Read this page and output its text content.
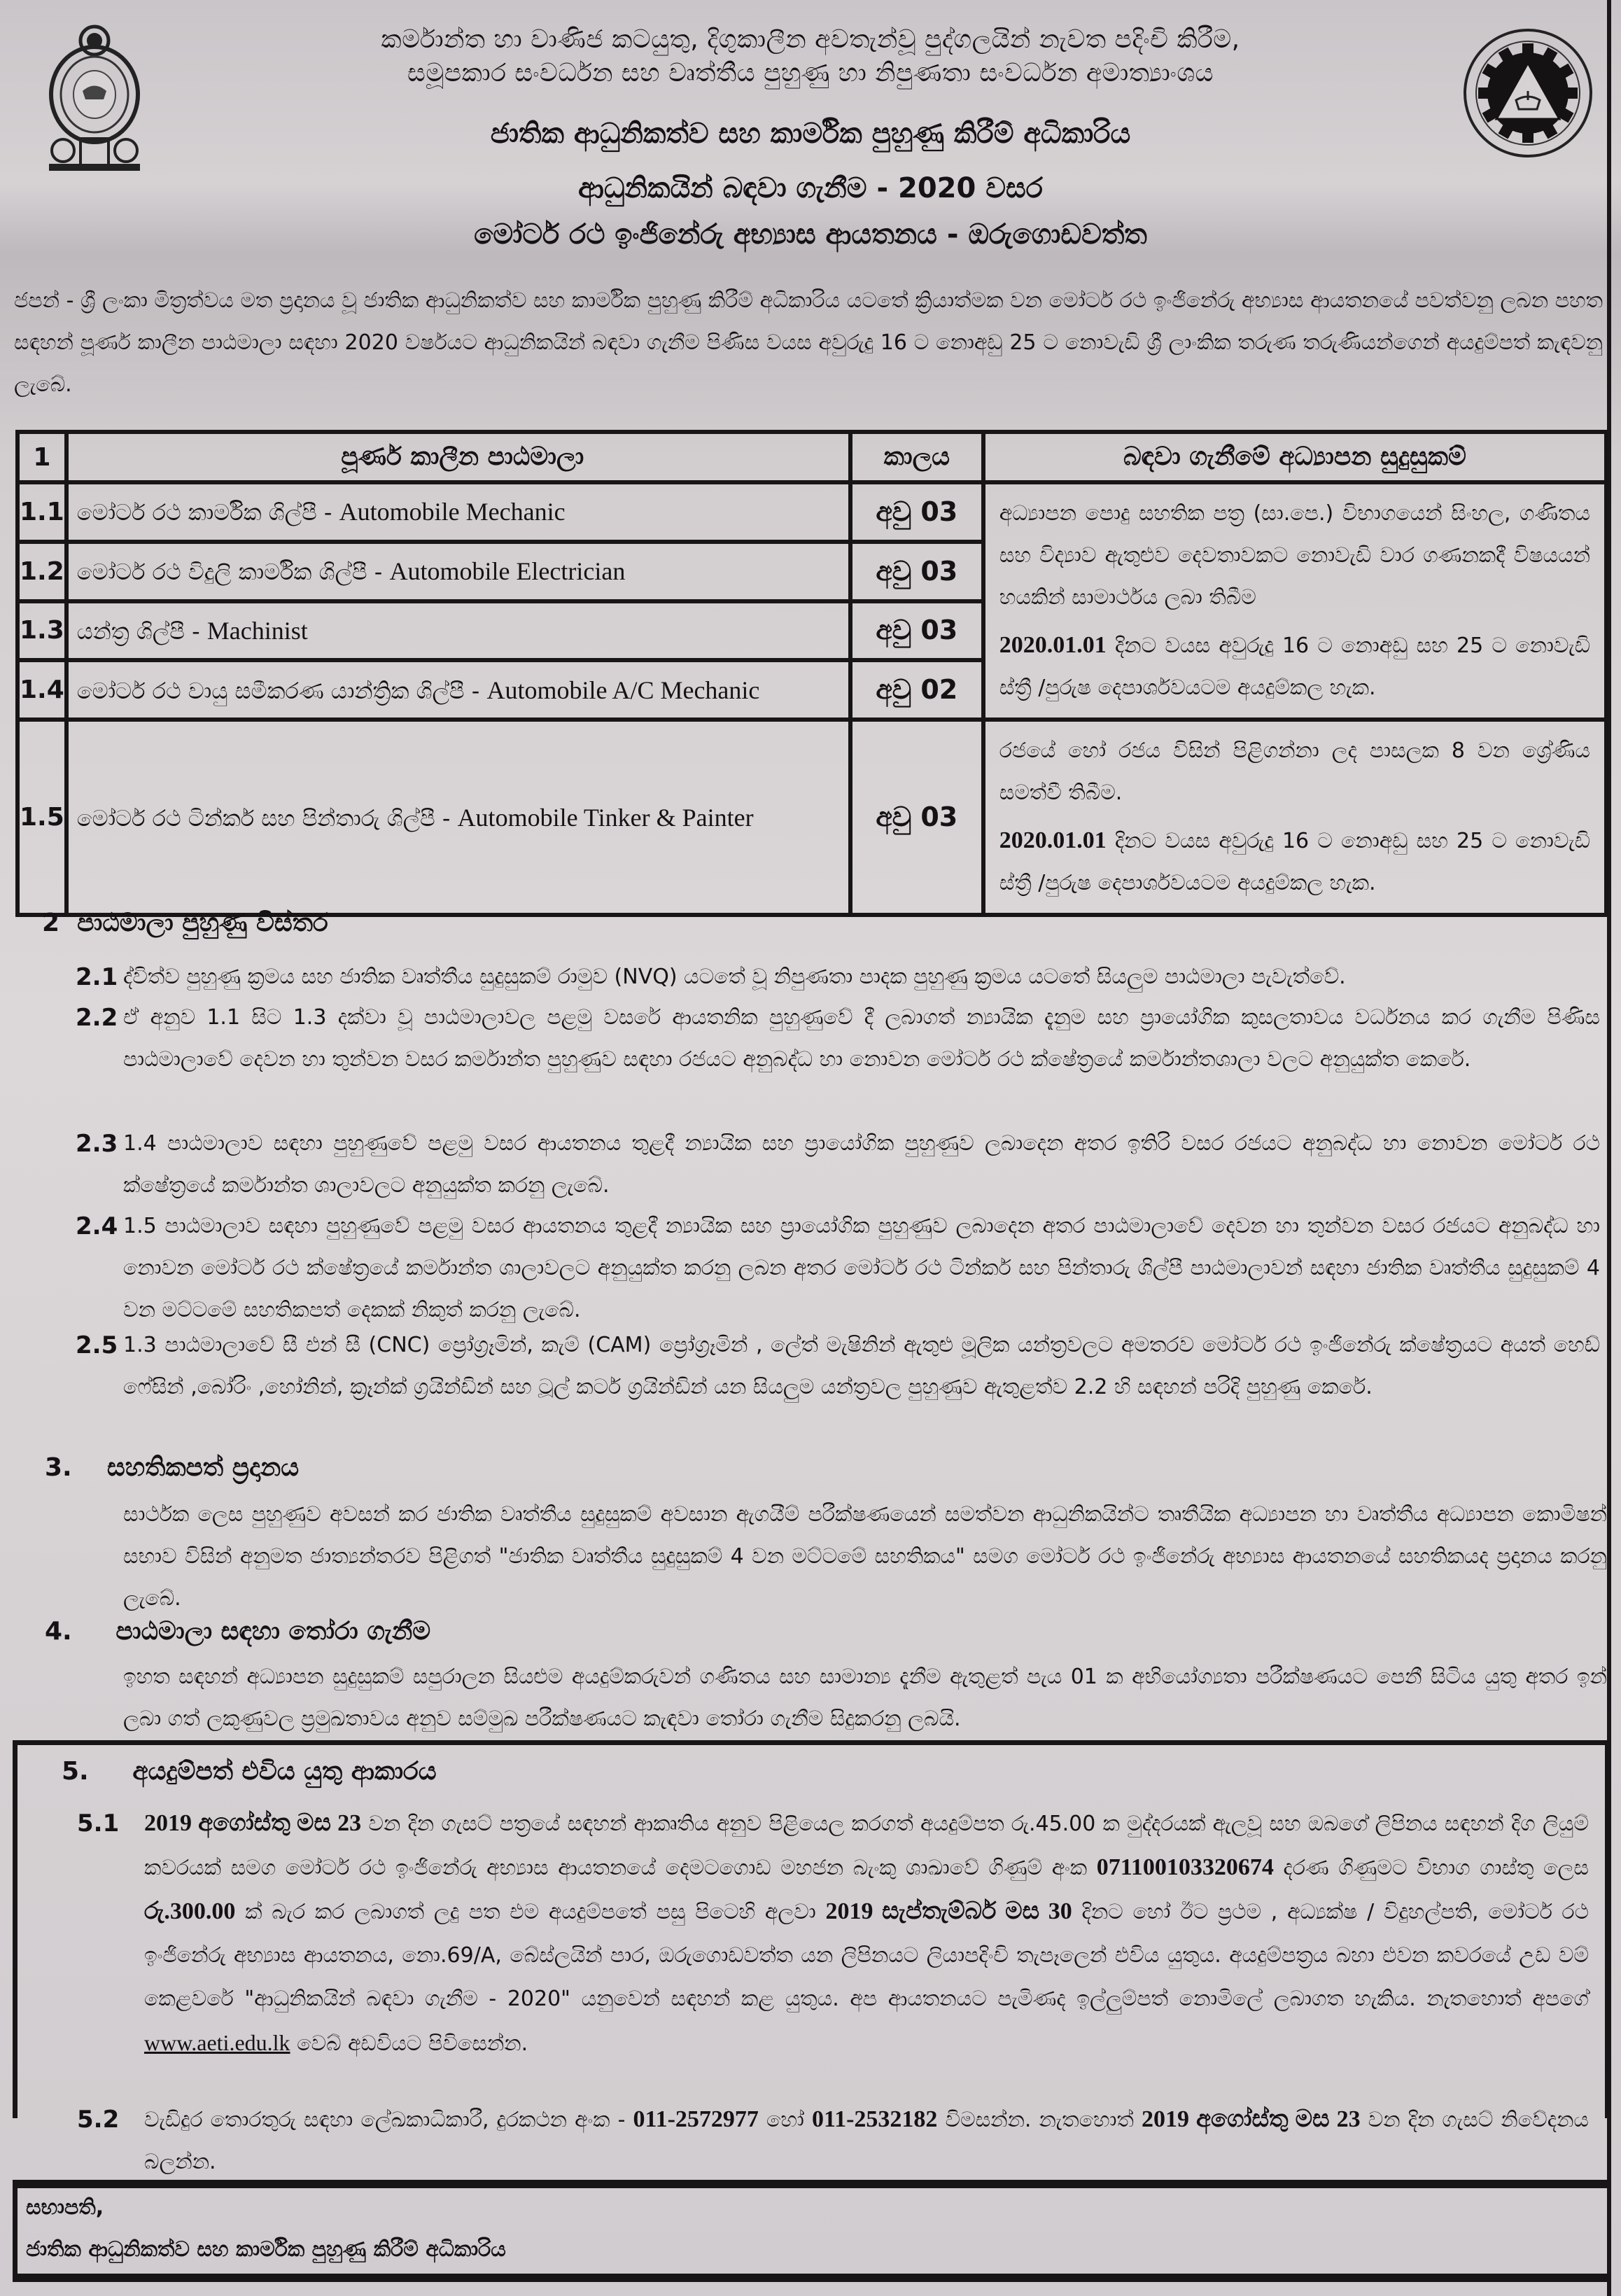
කර්මාන්ත හා වාණිජ කටයුතු, දිගුකාලීන අවතැන්වූ පුද්ගලයින් නැවත පදිංචි කිරීම,
සමූපකාර සංවර්ධන සහ වෘත්තීය පුහුණු හා නිපුණතා සංවර්ධන අමාත්‍යාංශය
ජාතික ආධුනිකත්ව සහ කාර්මික පුහුණු කිරීම් අධිකාරිය
ආධුනිකයින් බඳවා ගැනීම - 2020 වසර
මෝටර් රථ ඉංජිනේරු අභ්‍යාස ආයතනය - ඔරුගොඩවත්ත
ජපන් - ශ්‍රී ලංකා මිත්‍රත්වය මත ප්‍රදානය වූ ජාතික ආධුනිකත්ව සහ කාර්මික පුහුණු කිරීම් අධිකාරිය යටතේ ක්‍රියාත්මක වන මෝටර් රථ ඉංජිනේරු අභ්‍යාස ආයතනයේ පවත්වනු ලබන පහත සඳහන් පූර්ණ කාලීන පාඨමාලා සඳහා 2020 වර්ෂයට ආධුනිකයින් බඳවා ගැනීම පිණිස වයස අවුරුදු 16 ට නොඅඩු 25 ට නොවැඩි ශ්‍රී ලාංකික තරුණ තරුණියන්ගෙන් අයදුම්පත් කැඳවනු ලැබේ.
1	පූර්ණ කාලීන පාඨමාලා	කාලය	බඳවා ගැනීමේ අධ්‍යාපන සුදුසුකම්
1.1	මෝටර් රථ කාර්මික ශිල්පී - Automobile Mechanic	අවු 03	අධ්‍යාපන පොදු සහතික පත්‍ර (සා.පෙ.) විභාගයෙන් සිංහල, ගණිතය සහ විද්‍යාව ඇතුළුව දෙවතාවකට නොවැඩි වාර ගණනකදී විෂයයන් හයකින් සාමාර්ථය ලබා තිබීම
2020.01.01 දිනට වයස අවුරුදු 16 ට නොඅඩු සහ 25 ට නොවැඩි ස්ත්‍රී /පුරුෂ දෙපාර්ශවයටම අයදුම්කල හැක.

1.2	මෝටර් රථ විදුලි කාර්මික ශිල්පී - Automobile Electrician	අවු 03	
1.3	යන්ත්‍ර ශිල්පී - Machinist	අවු 03	
1.4	මෝටර් රථ වායු සමීකරණ යාන්ත්‍රික ශිල්පී - Automobile A/C Mechanic	අවු 02	
1.5	මෝටර් රථ ටින්කර් සහ පින්තාරු ශිල්පී - Automobile Tinker & Painter	අවු 03	රජයේ හෝ රජය විසින් පිළිගන්නා ලද පාසලක 8 වන ශ්‍රේණිය සමත්වී තිබීම.
2020.01.01 දිනට වයස අවුරුදු 16 ට නොඅඩු සහ 25 ට නොවැඩි ස්ත්‍රී /පුරුෂ දෙපාර්ශවයටම අයදුම්කල හැක.
2 පාඨමාලා පුහුණු විස්තර
2.1 ද්විත්ව පුහුණු ක්‍රමය සහ ජාතික වෘත්තීය සුදුසුකම් රාමුව (NVQ) යටතේ වූ නිපුණතා පාදක පුහුණු ක්‍රමය යටතේ සියලුම පාඨමාලා පැවැත්වේ.
2.2 ඒ අනුව 1.1 සිට 1.3 දක්වා වූ පාඨමාලාවල පළමු වසරේ ආයතනික පුහුණුවේ දී ලබාගත් න්‍යායික දැනුම සහ ප්‍රායෝගික කුසලතාවය වර්ධනය කර ගැනීම පිණිස පාඨමාලාවේ දෙවන හා තුන්වන වසර කර්මාන්ත පුහුණුව සඳහා රජයට අනුබද්ධ හා නොවන මෝටර් රථ ක්ෂේත්‍රයේ කර්මාන්තශාලා වලට අනුයුක්ත කෙරේ.
2.3 1.4 පාඨමාලාව සඳහා පුහුණුවේ පළමු වසර ආයතනය තුළදී න්‍යායික සහ ප්‍රායෝගික පුහුණුව ලබාදෙන අතර ඉතිරි වසර රජයට අනුබද්ධ හා නොවන මෝටර් රථ ක්ෂේත්‍රයේ කර්මාන්ත ශාලාවලට අනුයුක්ත කරනු ලැබේ.
2.4 1.5 පාඨමාලාව සඳහා පුහුණුවේ පළමු වසර ආයතනය තුළදී න්‍යායික සහ ප්‍රායෝගික පුහුණුව ලබාදෙන අතර පාඨමාලාවේ දෙවන හා තුන්වන වසර රජයට අනුබද්ධ හා නොවන මෝටර් රථ ක්ෂේත්‍රයේ කර්මාන්ත ශාලාවලට අනුයුක්ත කරනු ලබන අතර මෝටර් රථ ටින්කර් සහ පින්තාරු ශිල්පී පාඨමාලාවන් සඳහා ජාතික වෘත්තීය සුදුසුකම් 4 වන මට්ටමේ සහතිකපත් දෙකක් නිකුත් කරනු ලැබේ.
2.5 1.3 පාඨමාලාවේ සී එන් සී (CNC) ප්‍රෝග්‍රෑමින්, කැම් (CAM) ප්‍රෝග්‍රෑමින් , ලේත් මැෂිනින් ඇතුළු මූලික යන්ත්‍රවලට අමතරව මෝටර් රථ ඉංජිනේරු ක්ෂේත්‍රයට අයත් හෙඩ් ෆේසින් ,බෝරිං ,හෝනින්, ක්‍රෑන්ක් ග්‍රයින්ඩින් සහ ටූල් කටර් ග්‍රයින්ඩින් යන සියලුම යන්ත්‍රවල පුහුණුව ඇතුළත්ව 2.2 හි සඳහන් පරිදි පුහුණු කෙරේ.
3. සහතිකපත් ප්‍රදානය
සාර්ථක ලෙස පුහුණුව අවසන් කර ජාතික වෘත්තීය සුදුසුකම් අවසාන ඇගයීම් පරීක්ෂණයෙන් සමත්වන ආධුනිකයින්ට තෘතීයික අධ්‍යාපන හා වෘත්තීය අධ්‍යාපන කොමිෂන් සභාව විසින් අනුමත ජාත්‍යන්තරව පිළිගත් "ජාතික වෘත්තීය සුදුසුකම් 4 වන මට්ටමේ සහතිකය" සමග මෝටර් රථ ඉංජිනේරු අභ්‍යාස ආයතනයේ සහතිකයද ප්‍රදානය කරනු ලැබේ.
4. පාඨමාලා සඳහා තෝරා ගැනීම
ඉහත සඳහන් අධ්‍යාපන සුදුසුකම් සපුරාලන සියළුම අයදුම්කරුවන් ගණිතය සහ සාමාන්‍ය දැනීම ඇතුළත් පැය 01 ක අභියෝග්‍යතා පරීක්ෂණයට පෙනී සිටිය යුතු අතර ඉන් ලබා ගත් ලකුණුවල ප්‍රමුඛතාවය අනුව සම්මුඛ පරීක්ෂණයට කැඳවා තෝරා ගැනීම සිදුකරනු ලබයි.
5. අයදුම්පත් එවිය යුතු ආකාරය
5.1 2019 අගෝස්තු මස 23 වන දින ගැසට් පත්‍රයේ සඳහන් ආකෘතිය අනුව පිළියෙල කරගත් අයදුම්පත රු.45.00 ක මුද්දරයක් ඇලවූ සහ ඔබගේ ලිපිනය සඳහන් දිග ලියුම් කවරයක් සමග මෝටර් රථ ඉංජිනේරු අභ්‍යාස ආයතනයේ දෙමටගොඩ මහජන බැංකු ශාඛාවේ ගිණුම් අංක 071100103320674 දරණ ගිණුමට විභාග ගාස්තු ලෙස රු.300.00 ක් බැර කර ලබාගත් ලදු පත එම අයදුම්පතේ පසු පිටෙහි අලවා 2019 සැප්තැම්බර් මස 30 දිනට හෝ ඊට ප්‍රථම , අධ්‍යක්ෂ / විදුහල්පති, මෝටර් රථ ඉංජිනේරු අභ්‍යාස ආයතනය, නො.69/A, බේස්ලයින් පාර, ඔරුගොඩවත්ත යන ලිපිනයට ලියාපදිංචි තැපෑලෙන් එවිය යුතුය. අයදුම්පත්‍රය බහා එවන කවරයේ උඩ වම් කෙළවරේ "ආධුනිකයින් බඳවා ගැනීම - 2020" යනුවෙන් සඳහන් කළ යුතුය. අප ආයතනයට පැමිණද ඉල්ලුම්පත් නොමිලේ ලබාගත හැකිය. නැතහොත් අපගේ www.aeti.edu.lk වෙබ් අඩවියට පිවිසෙන්න.
5.2 වැඩිදුර තොරතුරු සඳහා ලේඛකාධිකාරී, දුරකථන අංක - 011-2572977 හෝ 011-2532182 විමසන්න. නැතහොත් 2019 අගෝස්තු මස 23 වන දින ගැසට් නිවේදනය බලන්න.
සභාපති,
ජාතික ආධුනිකත්ව සහ කාර්මික පුහුණු කිරීම් අධිකාරිය
